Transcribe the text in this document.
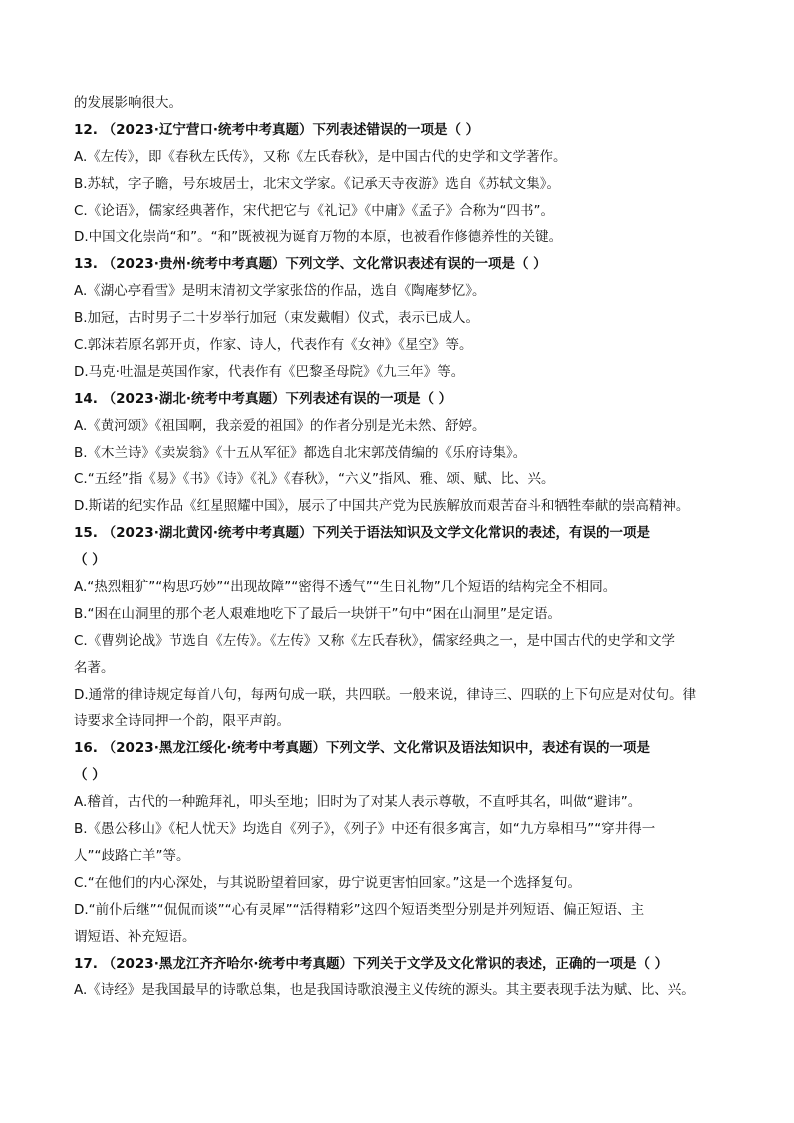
的发展影响很大。
12. （2023·辽宁营口·统考中考真题）下列表述错误的一项是（ ）
A.《左传》，即《春秋左氏传》，又称《左氏春秋》，是中国古代的史学和文学著作。
B.苏轼，字子瞻，号东坡居士，北宋文学家。《记承天寺夜游》选自《苏轼文集》。
C.《论语》，儒家经典著作，宋代把它与《礼记》《中庸》《孟子》合称为“四书”。
D.中国文化崇尚“和”。“和”既被视为诞育万物的本原，也被看作修德养性的关键。
13. （2023·贵州·统考中考真题）下列文学、文化常识表述有误的一项是（ ）
A.《湖心亭看雪》是明末清初文学家张岱的作品，选自《陶庵梦忆》。
B.加冠，古时男子二十岁举行加冠（束发戴帽）仪式，表示已成人。
C.郭沫若原名郭开贞，作家、诗人，代表作有《女神》《星空》等。
D.马克·吐温是英国作家，代表作有《巴黎圣母院》《九三年》等。
14. （2023·湖北·统考中考真题）下列表述有误的一项是（ ）
A.《黄河颂》《祖国啊，我亲爱的祖国》的作者分别是光未然、舒婷。
B.《木兰诗》《卖炭翁》《十五从军征》都选自北宋郭茂倩编的《乐府诗集》。
C.“五经”指《易》《书》《诗》《礼》《春秋》，“六义”指风、雅、颂、赋、比、兴。
D.斯诺的纪实作品《红星照耀中国》，展示了中国共产党为民族解放而艰苦奋斗和牺牲奉献的崇高精神。
15. （2023·湖北黄冈·统考中考真题）下列关于语法知识及文学文化常识的表述，有误的一项是
（ ）
A.“热烈粗犷”“构思巧妙”“出现故障”“密得不透气”“生日礼物”几个短语的结构完全不相同。
B.“困在山洞里的那个老人艰难地吃下了最后一块饼干”句中“困在山洞里”是定语。
C.《曹刿论战》节选自《左传》。《左传》又称《左氏春秋》，儒家经典之一，是中国古代的史学和文学
名著。
D.通常的律诗规定每首八句，每两句成一联，共四联。一般来说，律诗三、四联的上下句应是对仗句。律
诗要求全诗同押一个韵，限平声韵。
16. （2023·黑龙江绥化·统考中考真题）下列文学、文化常识及语法知识中，表述有误的一项是
（ ）
A.稽首，古代的一种跪拜礼，叩头至地；旧时为了对某人表示尊敬，不直呼其名，叫做“避讳”。
B.《愚公移山》《杞人忧天》均选自《列子》，《列子》中还有很多寓言，如“九方皋相马”“穿井得一
人”“歧路亡羊”等。
C.“在他们的内心深处，与其说盼望着回家，毋宁说更害怕回家。”这是一个选择复句。
D.“前仆后继”“侃侃而谈”“心有灵犀”“活得精彩”这四个短语类型分别是并列短语、偏正短语、主
谓短语、补充短语。
17. （2023·黑龙江齐齐哈尔·统考中考真题）下列关于文学及文化常识的表述，正确的一项是（ ）
A.《诗经》是我国最早的诗歌总集，也是我国诗歌浪漫主义传统的源头。其主要表现手法为赋、比、兴。
